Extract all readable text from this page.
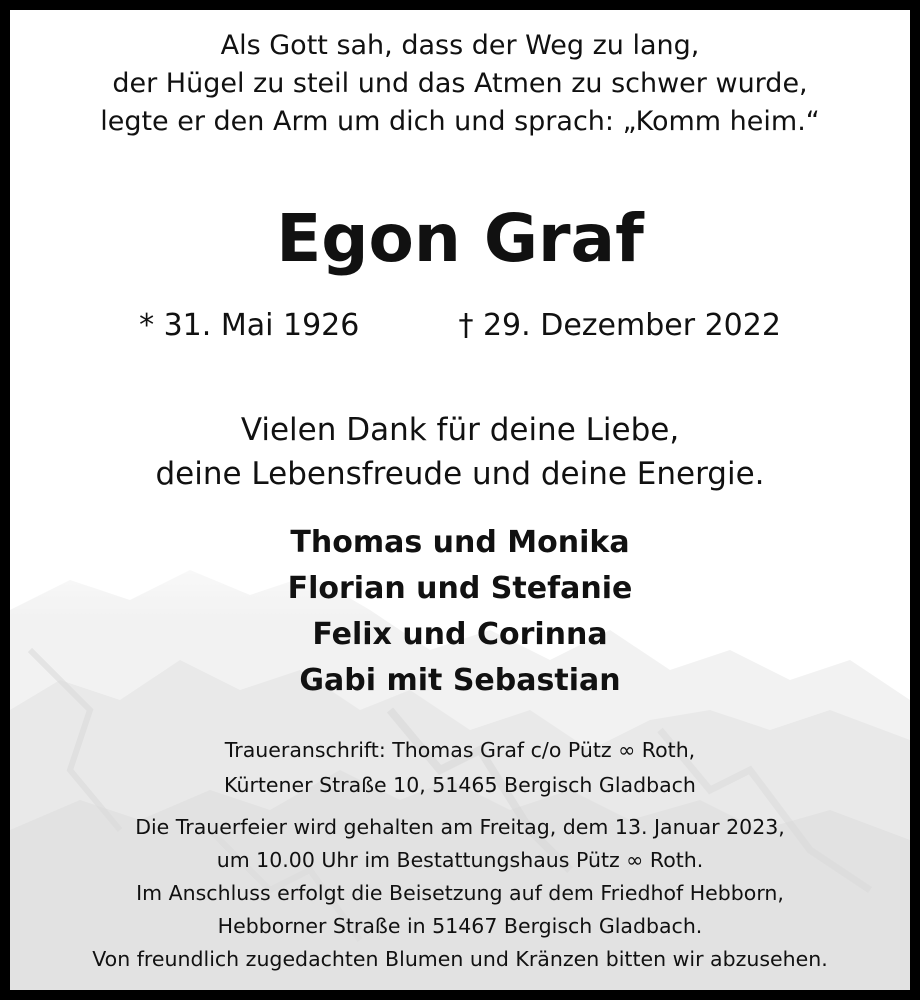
Als Gott sah, dass der Weg zu lang,
der Hügel zu steil und das Atmen zu schwer wurde,
legte er den Arm um dich und sprach: „Komm heim.“
Egon Graf
* 31. Mai 1926	† 29. Dezember 2022
Vielen Dank für deine Liebe,
deine Lebensfreude und deine Energie.
Thomas und Monika
Florian und Stefanie
Felix und Corinna
Gabi mit Sebastian
Traueranschrift: Thomas Graf c/o Pütz ∞ Roth,
Kürtener Straße 10, 51465 Bergisch Gladbach
Die Trauerfeier wird gehalten am Freitag, dem 13. Januar 2023,
um 10.00 Uhr im Bestattungshaus Pütz ∞ Roth.
Im Anschluss erfolgt die Beisetzung auf dem Friedhof Hebborn,
Hebborner Straße in 51467 Bergisch Gladbach.
Von freundlich zugedachten Blumen und Kränzen bitten wir abzusehen.
